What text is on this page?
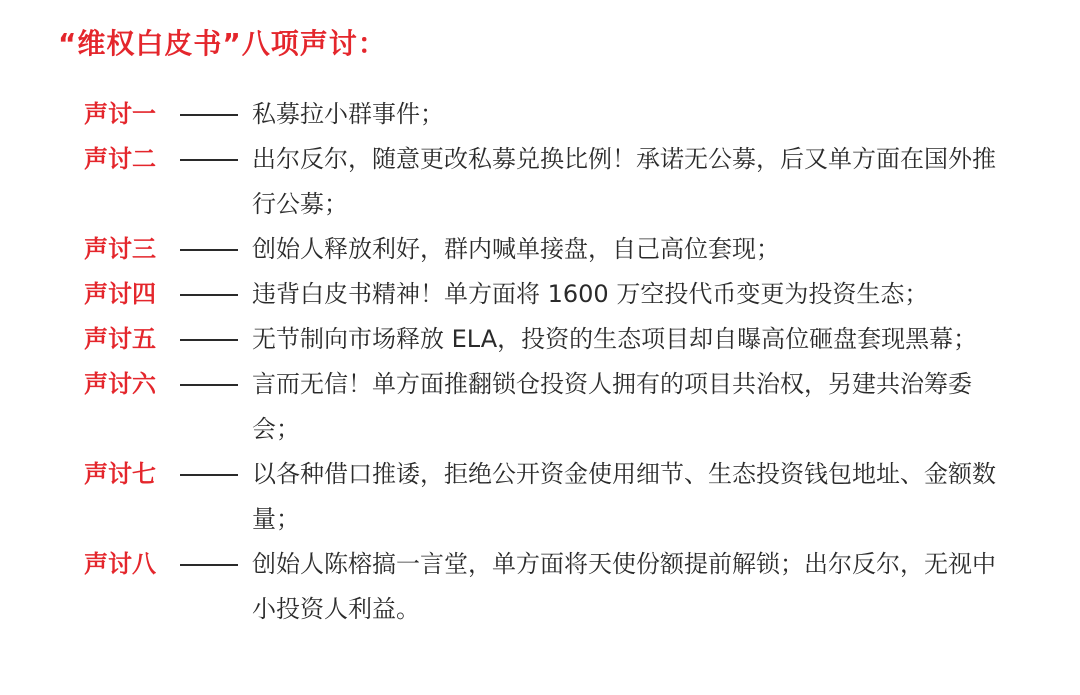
“维权白皮书”八项声讨：
声讨一	私募拉小群事件；
声讨二	出尔反尔，随意更改私募兑换比例！承诺无公募，后又单方面在国外推行公募；
声讨三	创始人释放利好，群内喊单接盘，自己高位套现；
声讨四	违背白皮书精神！单方面将 1600 万空投代币变更为投资生态；
声讨五	无节制向市场释放 ELA，投资的生态项目却自曝高位砸盘套现黑幕；
声讨六	言而无信！单方面推翻锁仓投资人拥有的项目共治权，另建共治筹委会；
声讨七	以各种借口推诿，拒绝公开资金使用细节、生态投资钱包地址、金额数量；
声讨八	创始人陈榕搞一言堂，单方面将天使份额提前解锁；出尔反尔，无视中小投资人利益。
